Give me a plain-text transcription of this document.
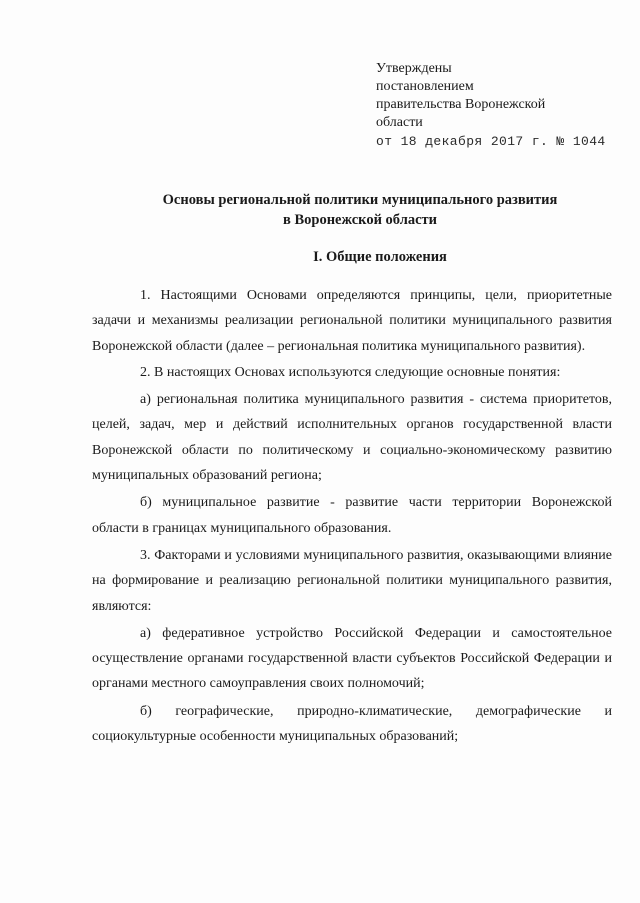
Утверждены
постановлением
правительства Воронежской
области
от 18 декабря 2017 г. № 1044
Основы региональной политики муниципального развития
в Воронежской области
I. Общие положения

1. Настоящими Основами определяются принципы, цели, приоритетные задачи и механизмы реализации региональной политики муниципального развития Воронежской области (далее – региональная политика муниципального развития).

2. В настоящих Основах используются следующие основные понятия:

а) региональная политика муниципального развития - система приоритетов, целей, задач, мер и действий исполнительных органов государственной власти Воронежской области по политическому и социально-экономическому развитию муниципальных образований региона;

б) муниципальное развитие - развитие части территории Воронежской области в границах муниципального образования.

3. Факторами и условиями муниципального развития, оказывающими влияние на формирование и реализацию региональной политики муниципального развития, являются:

а) федеративное устройство Российской Федерации и самостоятельное осуществление органами государственной власти субъектов Российской Федерации и органами местного самоуправления своих полномочий;

б) географические, природно-климатические, демографические и социокультурные особенности муниципальных образований;
